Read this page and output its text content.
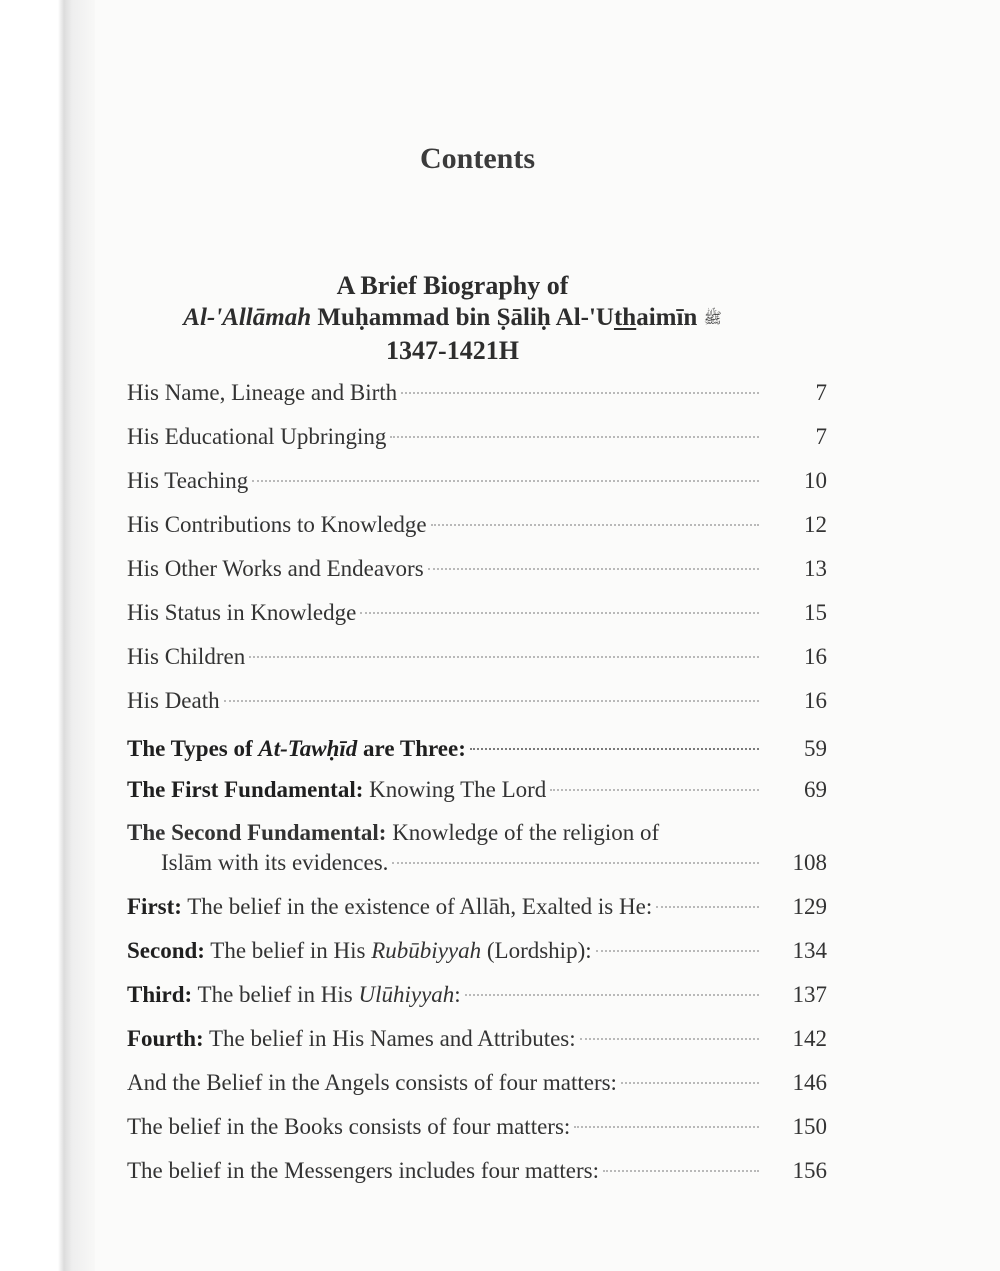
Contents
A Brief Biography of
Al-'Allāmah Muḥammad bin Ṣāliḥ Al-'Uthaimīn ﷺ
1347-1421H
His Name, Lineage and Birth	7
His Educational Upbringing	7
His Teaching	10
His Contributions to Knowledge	12
His Other Works and Endeavors	13
His Status in Knowledge	15
His Children	16
His Death	16
The Types of At-Tawḥīd are Three:	59
The First Fundamental: Knowing The Lord	69
The Second Fundamental: Knowledge of the religion of
Islām with its evidences.	108
First: The belief in the existence of Allāh, Exalted is He:	129
Second: The belief in His Rubūbiyyah (Lordship):	134
Third: The belief in His Ulūhiyyah:	137
Fourth: The belief in His Names and Attributes:	142
And the Belief in the Angels consists of four matters:	146
The belief in the Books consists of four matters:	150
The belief in the Messengers includes four matters:	156
